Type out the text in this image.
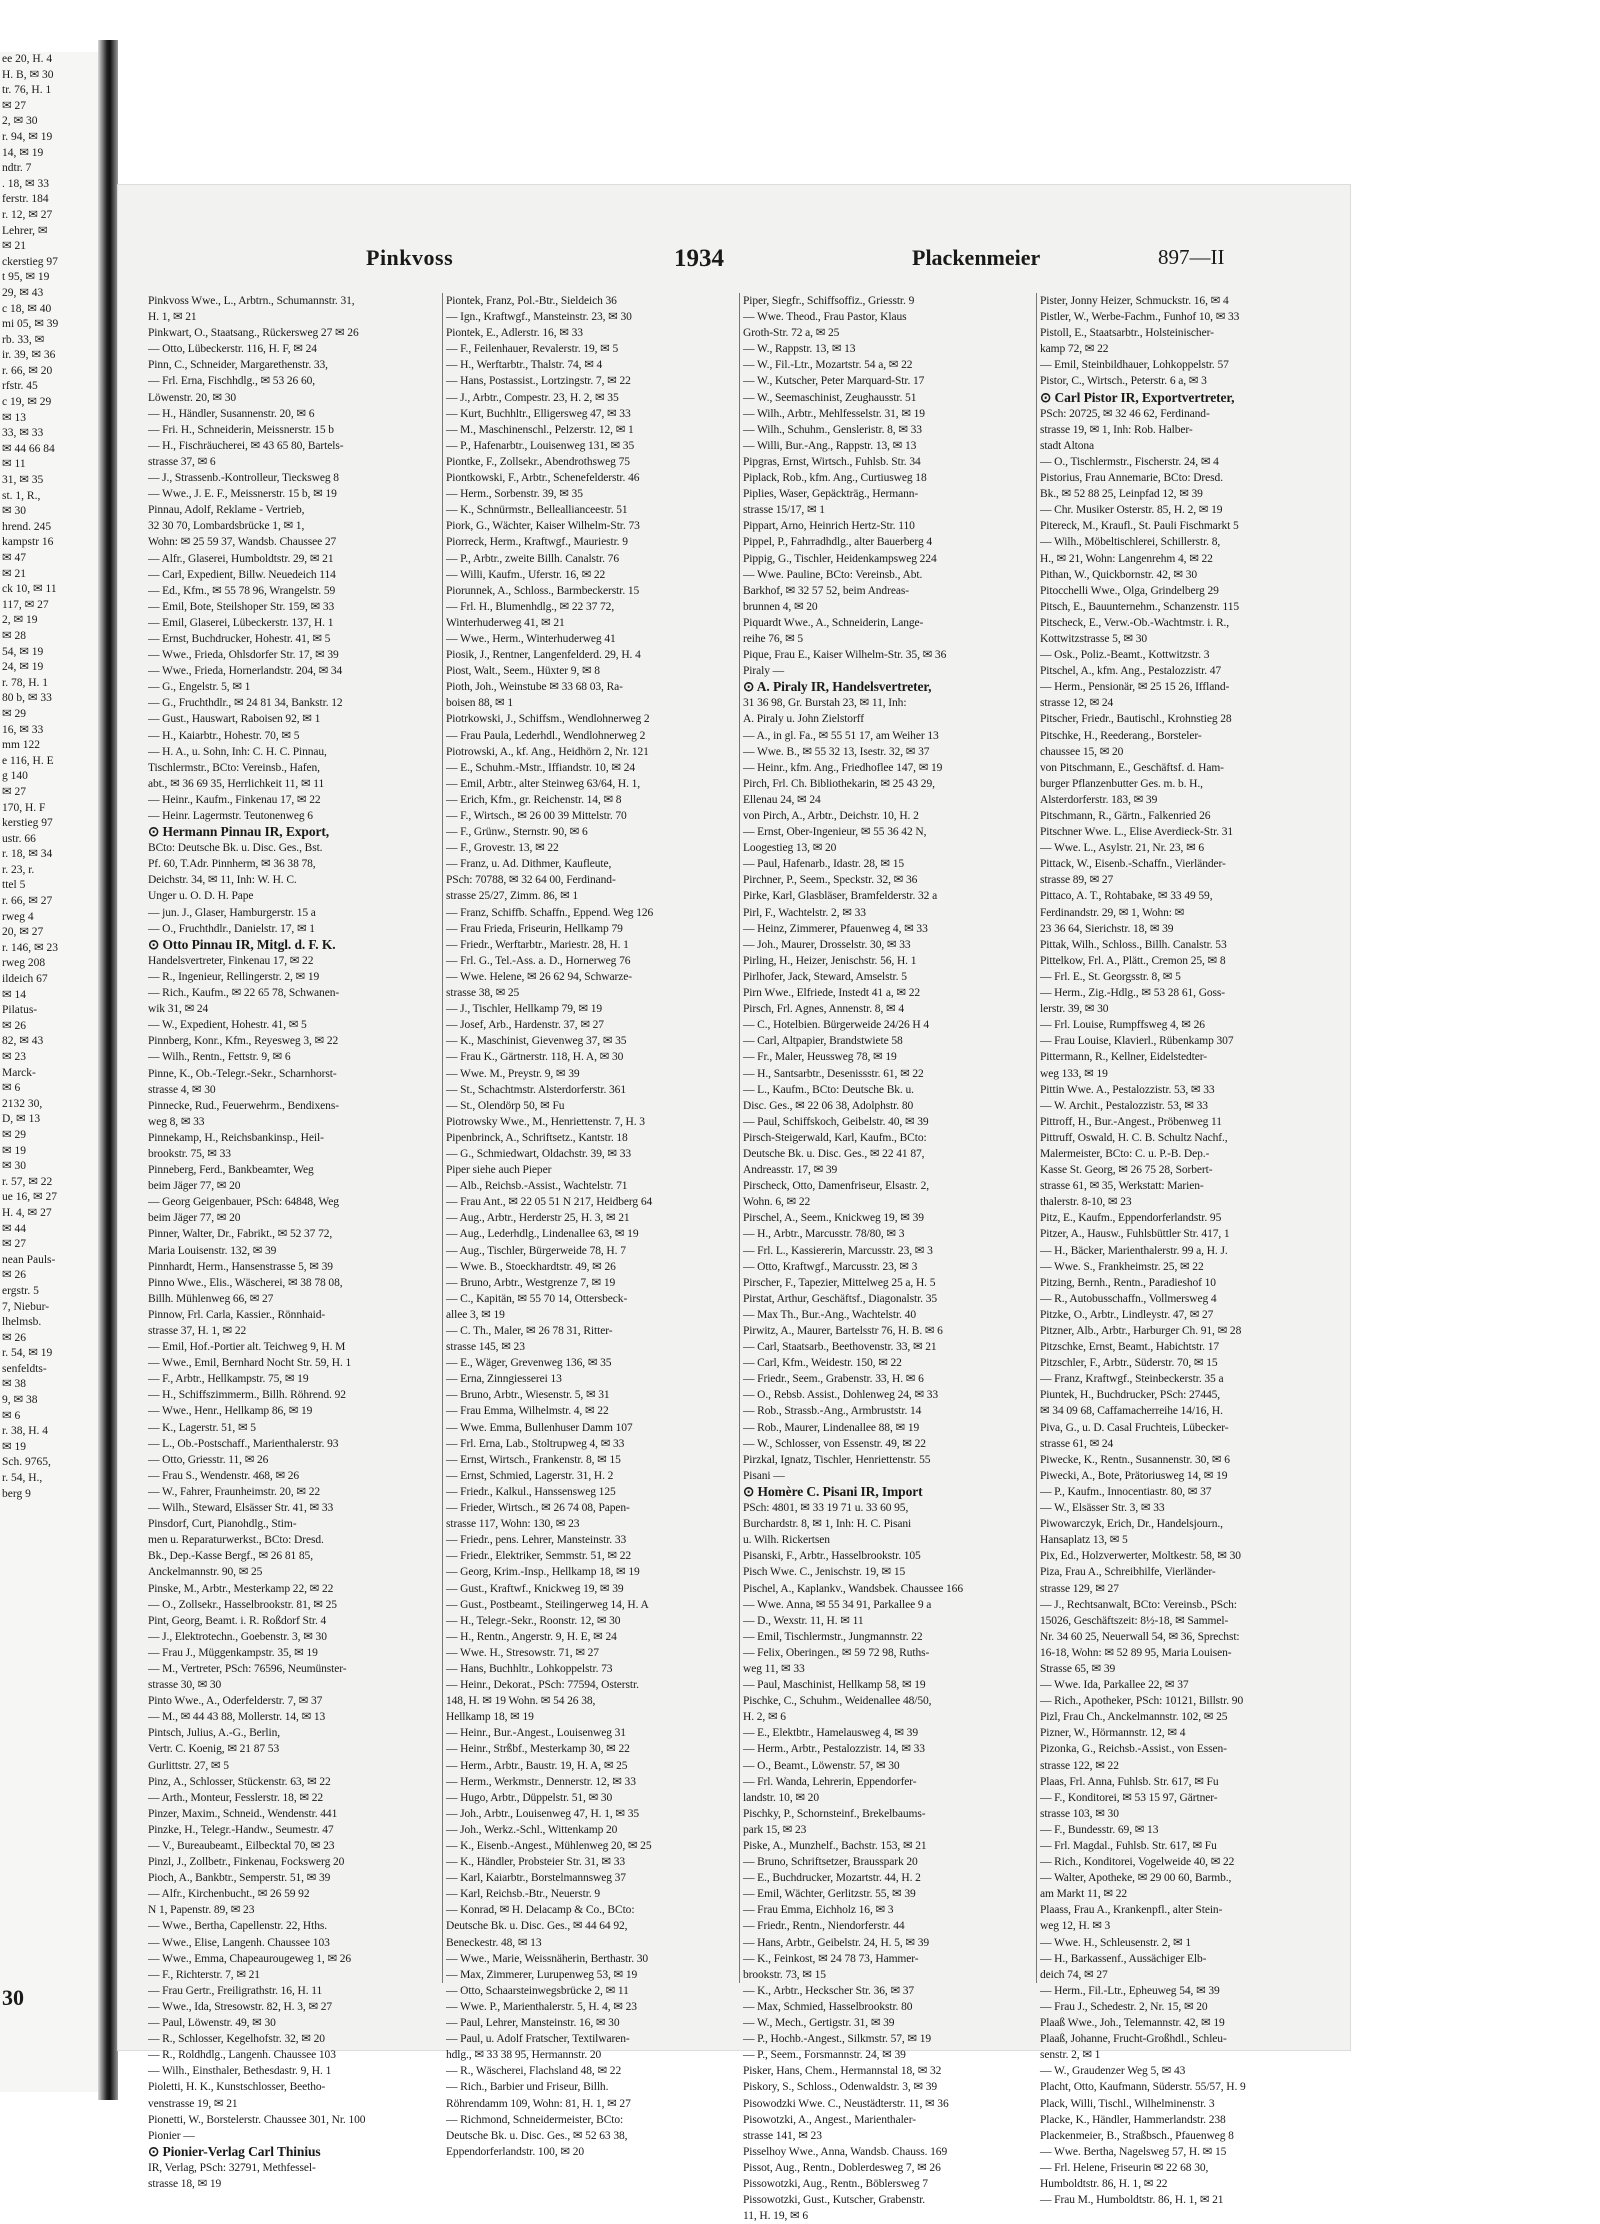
ee 20, H. 4
H. B, ✉ 30
tr. 76, H. 1
✉ 27
2, ✉ 30
r. 94, ✉ 19
14, ✉ 19
ndtr. 7
. 18, ✉ 33
ferstr. 184
r. 12, ✉ 27
Lehrer, ✉
✉ 21
ckerstieg 97
t 95, ✉ 19
29, ✉ 43
c 18, ✉ 40
mi 05, ✉ 39
rb. 33, ✉
ir. 39, ✉ 36
r. 66, ✉ 20
rfstr. 45
c 19, ✉ 29
✉ 13
33, ✉ 33
✉ 44 66 84
✉ 11
31, ✉ 35
st. 1, R.,
✉ 30
hrend. 245
kampstr 16
✉ 47
✉ 21
ck 10, ✉ 11
117, ✉ 27
2, ✉ 19
✉ 28
54, ✉ 19
24, ✉ 19
r. 78, H. 1
80 b, ✉ 33
✉ 29
16, ✉ 33
mm 122
e 116, H. E
g 140
✉ 27
170, H. F
kerstieg 97
ustr. 66
r. 18, ✉ 34
r. 23, r.
ttel 5
r. 66, ✉ 27
rweg 4
20, ✉ 27
r. 146, ✉ 23
rweg 208
ildeich 67
✉ 14
Pilatus-
✉ 26
82, ✉ 43
✉ 23
Marck-
✉ 6
2132 30,
D, ✉ 13
✉ 29
✉ 19
✉ 30
r. 57, ✉ 22
ue 16, ✉ 27
H. 4, ✉ 27
✉ 44
✉ 27
nean Pauls-
✉ 26
ergstr. 5
7, Niebur-
lhelmsb.
✉ 26
r. 54, ✉ 19
senfeldts-
✉ 38
9, ✉ 38
✉ 6
r. 38, H. 4
✉ 19
Sch. 9765,
r. 54, H.,
berg 9
30
Pinkvoss	1934	Plackenmeier	897—II
Pinkvoss Wwe., L., Arbtrn., Schumannstr. 31,
H. 1, ✉ 21
Pinkwart, O., Staatsang., Rückersweg 27 ✉ 26
— Otto, Lübeckerstr. 116, H. F, ✉ 24
Pinn, C., Schneider, Margarethenstr. 33,
— Frl. Erna, Fischhdlg., ✉ 53 26 60,
Löwenstr. 20, ✉ 30
— H., Händler, Susannenstr. 20, ✉ 6
— Fri. H., Schneiderin, Meissnerstr. 15 b
— H., Fischräucherei, ✉ 43 65 80, Bartels-
strasse 37, ✉ 6
— J., Strassenb.-Kontrolleur, Tiecksweg 8
— Wwe., J. E. F., Meissnerstr. 15 b, ✉ 19
Pinnau, Adolf, Reklame - Vertrieb,
32 30 70, Lombardsbrücke 1, ✉ 1,
Wohn: ✉ 25 59 37, Wandsb. Chaussee 27
— Alfr., Glaserei, Humboldtstr. 29, ✉ 21
— Carl, Expedient, Billw. Neuedeich 114
— Ed., Kfm., ✉ 55 78 96, Wrangelstr. 59
— Emil, Bote, Steilshoper Str. 159, ✉ 33
— Emil, Glaserei, Lübeckerstr. 137, H. 1
— Ernst, Buchdrucker, Hohestr. 41, ✉ 5
— Wwe., Frieda, Ohlsdorfer Str. 17, ✉ 39
— Wwe., Frieda, Hornerlandstr. 204, ✉ 34
— G., Engelstr. 5, ✉ 1
— G., Fruchthdlr., ✉ 24 81 34, Bankstr. 12
— Gust., Hauswart, Raboisen 92, ✉ 1
— H., Kaiarbtr., Hohestr. 70, ✉ 5
— H. A., u. Sohn, Inh: C. H. C. Pinnau,
Tischlermstr., BCto: Vereinsb., Hafen,
abt., ✉ 36 69 35, Herrlichkeit 11, ✉ 11
— Heinr., Kaufm., Finkenau 17, ✉ 22
— Heinr. Lagermstr. Teutonenweg 6
⊙ Hermann Pinnau IR, Export,
BCto: Deutsche Bk. u. Disc. Ges., Bst.
Pf. 60, T.Adr. Pinnherm, ✉ 36 38 78,
Deichstr. 34, ✉ 11, Inh: W. H. C.
Unger u. O. D. H. Pape
— jun. J., Glaser, Hamburgerstr. 15 a
— O., Fruchthdlr., Danielstr. 17, ✉ 1
⊙ Otto Pinnau IR, Mitgl. d. F. K.
Handelsvertreter, Finkenau 17, ✉ 22
— R., Ingenieur, Rellingerstr. 2, ✉ 19
— Rich., Kaufm., ✉ 22 65 78, Schwanen-
wik 31, ✉ 24
— W., Expedient, Hohestr. 41, ✉ 5
Pinnberg, Konr., Kfm., Reyesweg 3, ✉ 22
— Wilh., Rentn., Fettstr. 9, ✉ 6
Pinne, K., Ob.-Telegr.-Sekr., Scharnhorst-
strasse 4, ✉ 30
Pinnecke, Rud., Feuerwehrm., Bendixens-
weg 8, ✉ 33
Pinnekamp, H., Reichsbankinsp., Heil-
brookstr. 75, ✉ 33
Pinneberg, Ferd., Bankbeamter, Weg
beim Jäger 77, ✉ 20
— Georg Geigenbauer, PSch: 64848, Weg
beim Jäger 77, ✉ 20
Pinner, Walter, Dr., Fabrikt., ✉ 52 37 72,
Maria Louisenstr. 132, ✉ 39
Pinnhardt, Herm., Hansenstrasse 5, ✉ 39
Pinno Wwe., Elis., Wäscherei, ✉ 38 78 08,
Billh. Mühlenweg 66, ✉ 27
Pinnow, Frl. Carla, Kassier., Rönnhaid-
strasse 37, H. 1, ✉ 22
— Emil, Hof.-Portier alt. Teichweg 9, H. M
— Wwe., Emil, Bernhard Nocht Str. 59, H. 1
— F., Arbtr., Hellkampstr. 75, ✉ 19
— H., Schiffszimmerm., Billh. Röhrend. 92
— Wwe., Henr., Hellkamp 86, ✉ 19
— K., Lagerstr. 51, ✉ 5
— L., Ob.-Postschaff., Marienthalerstr. 93
— Otto, Griesstr. 11, ✉ 26
— Frau S., Wendenstr. 468, ✉ 26
— W., Fahrer, Fraunheimstr. 20, ✉ 22
— Wilh., Steward, Elsässer Str. 41, ✉ 33
Pinsdorf, Curt, Pianohdlg., Stim-
men u. Reparaturwerkst., BCto: Dresd.
Bk., Dep.-Kasse Bergf., ✉ 26 81 85,
Anckelmannstr. 90, ✉ 25
Pinske, M., Arbtr., Mesterkamp 22, ✉ 22
— O., Zollsekr., Hasselbrookstr. 81, ✉ 25
Pint, Georg, Beamt. i. R. Roßdorf Str. 4
— J., Elektrotechn., Goebenstr. 3, ✉ 30
— Frau J., Müggenkampstr. 35, ✉ 19
— M., Vertreter, PSch: 76596, Neumünster-
strasse 30, ✉ 30
Pinto Wwe., A., Oderfelderstr. 7, ✉ 37
— M., ✉ 44 43 88, Mollerstr. 14, ✉ 13
Pintsch, Julius, A.-G., Berlin,
Vertr. C. Koenig, ✉ 21 87 53
Gurlittstr. 27, ✉ 5
Pinz, A., Schlosser, Stückenstr. 63, ✉ 22
— Arth., Monteur, Fesslerstr. 18, ✉ 22
Pinzer, Maxim., Schneid., Wendenstr. 441
Pinzke, H., Telegr.-Handw., Seumestr. 47
— V., Bureaubeamt., Eilbecktal 70, ✉ 23
Pinzl, J., Zollbetr., Finkenau, Fockswerg 20
Pioch, A., Bankbtr., Semperstr. 51, ✉ 39
— Alfr., Kirchenbucht., ✉ 26 59 92
N 1, Papenstr. 89, ✉ 23
— Wwe., Bertha, Capellenstr. 22, Hths.
— Wwe., Elise, Langenh. Chaussee 103
— Wwe., Emma, Chapeaurougeweg 1, ✉ 26
— F., Richterstr. 7, ✉ 21
— Frau Gertr., Freiligrathstr. 16, H. 11
— Wwe., Ida, Stresowstr. 82, H. 3, ✉ 27
— Paul, Löwenstr. 49, ✉ 30
— R., Schlosser, Kegelhofstr. 32, ✉ 20
— R., Roldhdlg., Langenh. Chaussee 103
— Wilh., Einsthaler, Bethesdastr. 9, H. 1
Pioletti, H. K., Kunstschlosser, Beetho-
venstrasse 19, ✉ 21
Pionetti, W., Borstelerstr. Chaussee 301, Nr. 100
Pionier —
⊙ Pionier-Verlag Carl Thinius
IR, Verlag, PSch: 32791, Methfessel-
strasse 18, ✉ 19
Piontek, Franz, Pol.-Btr., Sieldeich 36
— Ign., Kraftwgf., Mansteinstr. 23, ✉ 30
Piontek, E., Adlerstr. 16, ✉ 33
— F., Feilenhauer, Revalerstr. 19, ✉ 5
— H., Werftarbtr., Thalstr. 74, ✉ 4
— Hans, Postassist., Lortzingstr. 7, ✉ 22
— J., Arbtr., Compestr. 23, H. 2, ✉ 35
— Kurt, Buchhltr., Elligersweg 47, ✉ 33
— M., Maschinenschl., Pelzerstr. 12, ✉ 1
— P., Hafenarbtr., Louisenweg 131, ✉ 35
Piontke, F., Zollsekr., Abendrothsweg 75
Piontkowski, F., Arbtr., Schenefelderstr. 46
— Herm., Sorbenstr. 39, ✉ 35
— K., Schnürmstr., Belleallianceestr. 51
Piork, G., Wächter, Kaiser Wilhelm-Str. 73
Piorreck, Herm., Kraftwgf., Mauriestr. 9
— P., Arbtr., zweite Billh. Canalstr. 76
— Willi, Kaufm., Uferstr. 16, ✉ 22
Piorunnek, A., Schloss., Barmbeckerstr. 15
— Frl. H., Blumenhdlg., ✉ 22 37 72,
Winterhuderweg 41, ✉ 21
— Wwe., Herm., Winterhuderweg 41
Piosik, J., Rentner, Langenfelderd. 29, H. 4
Piost, Walt., Seem., Hüxter 9, ✉ 8
Pioth, Joh., Weinstube ✉ 33 68 03, Ra-
boisen 88, ✉ 1
Piotrkowski, J., Schiffsm., Wendlohnerweg 2
— Frau Paula, Lederhdl., Wendlohnerweg 2
Piotrowski, A., kf. Ang., Heidhörn 2, Nr. 121
— E., Schuhm.-Mstr., Iffiandstr. 10, ✉ 24
— Emil, Arbtr., alter Steinweg 63/64, H. 1,
— Erich, Kfm., gr. Reichenstr. 14, ✉ 8
— F., Wirtsch., ✉ 26 00 39 Mittelstr. 70
— F., Grünw., Sternstr. 90, ✉ 6
— F., Grovestr. 13, ✉ 22
— Franz, u. Ad. Dithmer, Kaufleute,
PSch: 70788, ✉ 32 64 00, Ferdinand-
strasse 25/27, Zimm. 86, ✉ 1
— Franz, Schiffb. Schaffn., Eppend. Weg 126
— Frau Frieda, Friseurin, Hellkamp 79
— Friedr., Werftarbtr., Mariestr. 28, H. 1
— Frl. G., Tel.-Ass. a. D., Hornerweg 76
— Wwe. Helene, ✉ 26 62 94, Schwarze-
strasse 38, ✉ 25
— J., Tischler, Hellkamp 79, ✉ 19
— Josef, Arb., Hardenstr. 37, ✉ 27
— K., Maschinist, Gievenweg 37, ✉ 35
— Frau K., Gärtnerstr. 118, H. A, ✉ 30
— Wwe. M., Preystr. 9, ✉ 39
— St., Schachtmstr. Alsterdorferstr. 361
— St., Olendörp 50, ✉ Fu
Piotrowsky Wwe., M., Henriettenstr. 7, H. 3
Pipenbrinck, A., Schriftsetz., Kantstr. 18
— G., Schmiedwart, Oldachstr. 39, ✉ 33
Piper siehe auch Pieper
— Alb., Reichsb.-Assist., Wachtelstr. 71
— Frau Ant., ✉ 22 05 51 N 217, Heidberg 64
— Aug., Arbtr., Herderstr 25, H. 3, ✉ 21
— Aug., Lederhdlg., Lindenallee 63, ✉ 19
— Aug., Tischler, Bürgerweide 78, H. 7
— Wwe. B., Stoeckhardtstr. 49, ✉ 26
— Bruno, Arbtr., Westgrenze 7, ✉ 19
— C., Kapitän, ✉ 55 70 14, Ottersbeck-
allee 3, ✉ 19
— C. Th., Maler, ✉ 26 78 31, Ritter-
strasse 145, ✉ 23
— E., Wäger, Grevenweg 136, ✉ 35
— Erna, Zinngiesserei 13
— Bruno, Arbtr., Wiesenstr. 5, ✉ 31
— Frau Emma, Wilhelmstr. 4, ✉ 22
— Wwe. Emma, Bullenhuser Damm 107
— Frl. Erna, Lab., Stoltrupweg 4, ✉ 33
— Ernst, Wirtsch., Frankenstr. 8, ✉ 15
— Ernst, Schmied, Lagerstr. 31, H. 2
— Friedr., Kalkul., Hanssensweg 125
— Frieder, Wirtsch., ✉ 26 74 08, Papen-
strasse 117, Wohn: 130, ✉ 23
— Friedr., pens. Lehrer, Mansteinstr. 33
— Friedr., Elektriker, Semmstr. 51, ✉ 22
— Georg, Krim.-Insp., Hellkamp 18, ✉ 19
— Gust., Kraftwf., Knickweg 19, ✉ 39
— Gust., Postbeamt., Steilingerweg 14, H. A
— H., Telegr.-Sekr., Roonstr. 12, ✉ 30
— H., Rentn., Angerstr. 9, H. E, ✉ 24
— Wwe. H., Stresowstr. 71, ✉ 27
— Hans, Buchhltr., Lohkoppelstr. 73
— Heinr., Dekorat., PSch: 77594, Osterstr.
148, H. ✉ 19 Wohn. ✉ 54 26 38,
Hellkamp 18, ✉ 19
— Heinr., Bur.-Angest., Louisenweg 31
— Heinr., Strßbf., Mesterkamp 30, ✉ 22
— Herm., Arbtr., Baustr. 19, H. A, ✉ 25
— Herm., Werkmstr., Dennerstr. 12, ✉ 33
— Hugo, Arbtr., Düppelstr. 51, ✉ 30
— Joh., Arbtr., Louisenweg 47, H. 1, ✉ 35
— Joh., Werkz.-Schl., Wittenkamp 20
— K., Eisenb.-Angest., Mühlenweg 20, ✉ 25
— K., Händler, Probsteier Str. 31, ✉ 33
— Karl, Kaiarbtr., Borstelmannsweg 37
— Karl, Reichsb.-Btr., Neuerstr. 9
— Konrad, ✉ H. Delacamp & Co., BCto:
Deutsche Bk. u. Disc. Ges., ✉ 44 64 92,
Beneckestr. 48, ✉ 13
— Wwe., Marie, Weissnäherin, Berthastr. 30
— Max, Zimmerer, Lurupenweg 53, ✉ 19
— Otto, Schaarsteinwegsbrücke 2, ✉ 11
— Wwe. P., Marienthalerstr. 5, H. 4, ✉ 23
— Paul, Lehrer, Mansteinstr. 16, ✉ 30
— Paul, u. Adolf Fratscher, Textilwaren-
hdlg., ✉ 33 38 95, Hermannstr. 20
— R., Wäscherei, Flachsland 48, ✉ 22
— Rich., Barbier und Friseur, Billh.
Röhrendamm 109, Wohn: 81, H. 1, ✉ 27
— Richmond, Schneidermeister, BCto:
Deutsche Bk. u. Disc. Ges., ✉ 52 63 38,
Eppendorferlandstr. 100, ✉ 20
Piper, Siegfr., Schiffsoffiz., Griesstr. 9
— Wwe. Theod., Frau Pastor, Klaus
Groth-Str. 72 a, ✉ 25
— W., Rappstr. 13, ✉ 13
— W., Fil.-Ltr., Mozartstr. 54 a, ✉ 22
— W., Kutscher, Peter Marquard-Str. 17
— W., Seemaschinist, Zeughausstr. 51
— Wilh., Arbtr., Mehlfesselstr. 31, ✉ 19
— Wilh., Schuhm., Gensleristr. 8, ✉ 33
— Willi, Bur.-Ang., Rappstr. 13, ✉ 13
Pipgras, Ernst, Wirtsch., Fuhlsb. Str. 34
Piplack, Rob., kfm. Ang., Curtiusweg 18
Piplies, Waser, Gepäckträg., Hermann-
strasse 15/17, ✉ 1
Pippart, Arno, Heinrich Hertz-Str. 110
Pippel, P., Fahrradhdlg., alter Bauerberg 4
Pippig, G., Tischler, Heidenkampsweg 224
— Wwe. Pauline, BCto: Vereinsb., Abt.
Barkhof, ✉ 32 57 52, beim Andreas-
brunnen 4, ✉ 20
Piquardt Wwe., A., Schneiderin, Lange-
reihe 76, ✉ 5
Pique, Frau E., Kaiser Wilhelm-Str. 35, ✉ 36
Piraly —
⊙ A. Piraly IR, Handelsvertreter,
31 36 98, Gr. Burstah 23, ✉ 11, Inh:
A. Piraly u. John Zielstorff
— A., in gl. Fa., ✉ 55 51 17, am Weiher 13
— Wwe. B., ✉ 55 32 13, Isestr. 32, ✉ 37
— Heinr., kfm. Ang., Friedhoflee 147, ✉ 19
Pirch, Frl. Ch. Bibliothekarin, ✉ 25 43 29,
Ellenau 24, ✉ 24
von Pirch, A., Arbtr., Deichstr. 10, H. 2
— Ernst, Ober-Ingenieur, ✉ 55 36 42 N,
Loogestieg 13, ✉ 20
— Paul, Hafenarb., Idastr. 28, ✉ 15
Pirchner, P., Seem., Speckstr. 32, ✉ 36
Pirke, Karl, Glasbläser, Bramfelderstr. 32 a
Pirl, F., Wachtelstr. 2, ✉ 33
— Heinz, Zimmerer, Pfauenweg 4, ✉ 33
— Joh., Maurer, Drosselstr. 30, ✉ 33
Pirling, H., Heizer, Jenischstr. 56, H. 1
Pirlhofer, Jack, Steward, Amselstr. 5
Pirn Wwe., Elfriede, Instedt 41 a, ✉ 22
Pirsch, Frl. Agnes, Annenstr. 8, ✉ 4
— C., Hotelbien. Bürgerweide 24/26 H 4
— Carl, Altpapier, Brandstwiete 58
— Fr., Maler, Heussweg 78, ✉ 19
— H., Santsarbtr., Desenissstr. 61, ✉ 22
— L., Kaufm., BCto: Deutsche Bk. u.
Disc. Ges., ✉ 22 06 38, Adolphstr. 80
— Paul, Schiffskoch, Geibelstr. 40, ✉ 39
Pirsch-Steigerwald, Karl, Kaufm., BCto:
Deutsche Bk. u. Disc. Ges., ✉ 22 41 87,
Andreasstr. 17, ✉ 39
Pirscheck, Otto, Damenfriseur, Elsastr. 2,
Wohn. 6, ✉ 22
Pirschel, A., Seem., Knickweg 19, ✉ 39
— H., Arbtr., Marcusstr. 78/80, ✉ 3
— Frl. L., Kassiererin, Marcusstr. 23, ✉ 3
— Otto, Kraftwgf., Marcusstr. 23, ✉ 3
Pirscher, F., Tapezier, Mittelweg 25 a, H. 5
Pirstat, Arthur, Geschäftsf., Diagonalstr. 35
— Max Th., Bur.-Ang., Wachtelstr. 40
Pirwitz, A., Maurer, Bartelsstr 76, H. B. ✉ 6
— Carl, Staatsarb., Beethovenstr. 33, ✉ 21
— Carl, Kfm., Weidestr. 150, ✉ 22
— Friedr., Seem., Grabenstr. 33, H. ✉ 6
— O., Rebsb. Assist., Dohlenweg 24, ✉ 33
— Rob., Strassb.-Ang., Armbruststr. 14
— Rob., Maurer, Lindenallee 88, ✉ 19
— W., Schlosser, von Essenstr. 49, ✉ 22
Pirzkal, Ignatz, Tischler, Henriettenstr. 55
Pisani —
⊙ Homère C. Pisani IR, Import
PSch: 4801, ✉ 33 19 71 u. 33 60 95,
Burchardstr. 8, ✉ 1, Inh: H. C. Pisani
u. Wilh. Rickertsen
Pisanski, F., Arbtr., Hasselbrookstr. 105
Pisch Wwe. C., Jenischstr. 19, ✉ 15
Pischel, A., Kaplankv., Wandsbek. Chaussee 166
— Wwe. Anna, ✉ 55 34 91, Parkallee 9 a
— D., Wexstr. 11, H. ✉ 11
— Emil, Tischlermstr., Jungmannstr. 22
— Felix, Oberingen., ✉ 59 72 98, Ruths-
weg 11, ✉ 33
— Paul, Maschinist, Hellkamp 58, ✉ 19
Pischke, C., Schuhm., Weidenallee 48/50,
H. 2, ✉ 6
— E., Elektbtr., Hamelausweg 4, ✉ 39
— Herm., Arbtr., Pestalozzistr. 14, ✉ 33
— O., Beamt., Löwenstr. 57, ✉ 30
— Frl. Wanda, Lehrerin, Eppendorfer-
landstr. 10, ✉ 20
Pischky, P., Schornsteinf., Brekelbaums-
park 15, ✉ 23
Piske, A., Munzhelf., Bachstr. 153, ✉ 21
— Bruno, Schriftsetzer, Brausspark 20
— E., Buchdrucker, Mozartstr. 44, H. 2
— Emil, Wächter, Gerlitzstr. 55, ✉ 39
— Frau Emma, Eichholz 16, ✉ 3
— Friedr., Rentn., Niendorferstr. 44
— Hans, Arbtr., Geibelstr. 24, H. 5, ✉ 39
— K., Feinkost, ✉ 24 78 73, Hammer-
brookstr. 73, ✉ 15
— K., Arbtr., Heckscher Str. 36, ✉ 37
— Max, Schmied, Hasselbrookstr. 80
— W., Mech., Gertigstr. 31, ✉ 39
— P., Hochb.-Angest., Silkmstr. 57, ✉ 19
— P., Seem., Forsmannstr. 24, ✉ 39
Pisker, Hans, Chem., Hermannstal 18, ✉ 32
Piskory, S., Schloss., Odenwaldstr. 3, ✉ 39
Pisowodzki Wwe. C., Neustädterstr. 11, ✉ 36
Pisowotzki, A., Angest., Marienthaler-
strasse 141, ✉ 23
Pisselhoy Wwe., Anna, Wandsb. Chauss. 169
Pissot, Aug., Rentn., Doblerdesweg 7, ✉ 26
Pissowotzki, Aug., Rentn., Böblersweg 7
Pissowotzki, Gust., Kutscher, Grabenstr.
11, H. 19, ✉ 6
Pister, Jonny Heizer, Schmuckstr. 16, ✉ 4
Pistler, W., Werbe-Fachm., Funhof 10, ✉ 33
Pistoll, E., Staatsarbtr., Holsteinischer-
kamp 72, ✉ 22
— Emil, Steinbildhauer, Lohkoppelstr. 57
Pistor, C., Wirtsch., Peterstr. 6 a, ✉ 3
⊙ Carl Pistor IR, Exportvertreter,
PSch: 20725, ✉ 32 46 62, Ferdinand-
strasse 19, ✉ 1, Inh: Rob. Halber-
stadt Altona
— O., Tischlermstr., Fischerstr. 24, ✉ 4
Pistorius, Frau Annemarie, BCto: Dresd.
Bk., ✉ 52 88 25, Leinpfad 12, ✉ 39
— Chr. Musiker Osterstr. 85, H. 2, ✉ 19
Pitereck, M., Kraufl., St. Pauli Fischmarkt 5
— Wilh., Möbeltischlerei, Schillerstr. 8,
H., ✉ 21, Wohn: Langenrehm 4, ✉ 22
Pithan, W., Quickbornstr. 42, ✉ 30
Pitocchelli Wwe., Olga, Grindelberg 29
Pitsch, E., Bauunternehm., Schanzenstr. 115
Pitscheck, E., Verw.-Ob.-Wachtmstr. i. R.,
Kottwitzstrasse 5, ✉ 30
— Osk., Poliz.-Beamt., Kottwitzstr. 3
Pitschel, A., kfm. Ang., Pestalozzistr. 47
— Herm., Pensionär, ✉ 25 15 26, Iffland-
strasse 12, ✉ 24
Pitscher, Friedr., Bautischl., Krohnstieg 28
Pitschke, H., Reederang., Borsteler-
chaussee 15, ✉ 20
von Pitschmann, E., Geschäftsf. d. Ham-
burger Pflanzenbutter Ges. m. b. H.,
Alsterdorferstr. 183, ✉ 39
Pitschmann, R., Gärtn., Falkenried 26
Pitschner Wwe. L., Elise Averdieck-Str. 31
— Wwe. L., Asylstr. 21, Nr. 23, ✉ 6
Pittack, W., Eisenb.-Schaffn., Vierländer-
strasse 89, ✉ 27
Pittaco, A. T., Rohtabake, ✉ 33 49 59,
Ferdinandstr. 29, ✉ 1, Wohn: ✉
23 36 64, Sierichstr. 18, ✉ 39
Pittak, Wilh., Schloss., Billh. Canalstr. 53
Pittelkow, Frl. A., Plätt., Cremon 25, ✉ 8
— Frl. E., St. Georgsstr. 8, ✉ 5
— Herm., Zig.-Hdlg., ✉ 53 28 61, Goss-
lerstr. 39, ✉ 30
— Frl. Louise, Rumpffsweg 4, ✉ 26
— Frau Louise, Klavierl., Rübenkamp 307
Pittermann, R., Kellner, Eidelstedter-
weg 133, ✉ 19
Pittin Wwe. A., Pestalozzistr. 53, ✉ 33
— W. Archit., Pestalozzistr. 53, ✉ 33
Pittroff, H., Bur.-Angest., Pröbenweg 11
Pittruff, Oswald, H. C. B. Schultz Nachf.,
Malermeister, BCto: C. u. P.-B. Dep.-
Kasse St. Georg, ✉ 26 75 28, Sorbert-
strasse 61, ✉ 35, Werkstatt: Marien-
thalerstr. 8-10, ✉ 23
Pitz, E., Kaufm., Eppendorferlandstr. 95
Pitzer, A., Hausw., Fuhlsbüttler Str. 417, 1
— H., Bäcker, Marienthalerstr. 99 a, H. J.
— Wwe. S., Frankheimstr. 25, ✉ 22
Pitzing, Bernh., Rentn., Paradieshof 10
— R., Autobusschaffn., Vollmersweg 4
Pitzke, O., Arbtr., Lindleystr. 47, ✉ 27
Pitzner, Alb., Arbtr., Harburger Ch. 91, ✉ 28
Pitzschke, Ernst, Beamt., Habichtstr. 17
Pitzschler, F., Arbtr., Süderstr. 70, ✉ 15
— Franz, Kraftwgf., Steinbeckerstr. 35 a
Piuntek, H., Buchdrucker, PSch: 27445,
✉ 34 09 68, Caffamacherreihe 14/16, H.
Piva, G., u. D. Casal Fruchteis, Lübecker-
strasse 61, ✉ 24
Piwecke, K., Rentn., Susannenstr. 30, ✉ 6
Piwecki, A., Bote, Prätoriusweg 14, ✉ 19
— P., Kaufm., Innocentiastr. 80, ✉ 37
— W., Elsässer Str. 3, ✉ 33
Piwowarczyk, Erich, Dr., Handelsjourn.,
Hansaplatz 13, ✉ 5
Pix, Ed., Holzverwerter, Moltkestr. 58, ✉ 30
Piza, Frau A., Schreibhilfe, Vierländer-
strasse 129, ✉ 27
— J., Rechtsanwalt, BCto: Vereinsb., PSch:
15026, Geschäftszeit: 8½-18, ✉ Sammel-
Nr. 34 60 25, Neuerwall 54, ✉ 36, Sprechst:
16-18, Wohn: ✉ 52 89 95, Maria Louisen-
Strasse 65, ✉ 39
— Wwe. Ida, Parkallee 22, ✉ 37
— Rich., Apotheker, PSch: 10121, Billstr. 90
Pizl, Frau Ch., Anckelmannstr. 102, ✉ 25
Pizner, W., Hörmannstr. 12, ✉ 4
Pizonka, G., Reichsb.-Assist., von Essen-
strasse 122, ✉ 22
Plaas, Frl. Anna, Fuhlsb. Str. 617, ✉ Fu
— F., Konditorei, ✉ 53 15 97, Gärtner-
strasse 103, ✉ 30
— F., Bundesstr. 69, ✉ 13
— Frl. Magdal., Fuhlsb. Str. 617, ✉ Fu
— Rich., Konditorei, Vogelweide 40, ✉ 22
— Walter, Apotheke, ✉ 29 00 60, Barmb.,
am Markt 11, ✉ 22
Plaass, Frau A., Krankenpfl., alter Stein-
weg 12, H. ✉ 3
— Wwe. H., Schleusenstr. 2, ✉ 1
— H., Barkassenf., Aussächiger Elb-
deich 74, ✉ 27
— Herm., Fil.-Ltr., Epheuweg 54, ✉ 39
— Frau J., Schedestr. 2, Nr. 15, ✉ 20
Plaaß Wwe., Joh., Telemannstr. 42, ✉ 19
Plaaß, Johanne, Frucht-Großhdl., Schleu-
senstr. 2, ✉ 1
— W., Graudenzer Weg 5, ✉ 43
Placht, Otto, Kaufmann, Süderstr. 55/57, H. 9
Plack, Willi, Tischl., Wilhelminenstr. 3
Placke, K., Händler, Hammerlandstr. 238
Plackenmeier, B., Straßbsch., Pfauenweg 8
— Wwe. Bertha, Nagelsweg 57, H. ✉ 15
— Frl. Helene, Friseurin ✉ 22 68 30,
Humboldtstr. 86, H. 1, ✉ 22
— Frau M., Humboldtstr. 86, H. 1, ✉ 21
